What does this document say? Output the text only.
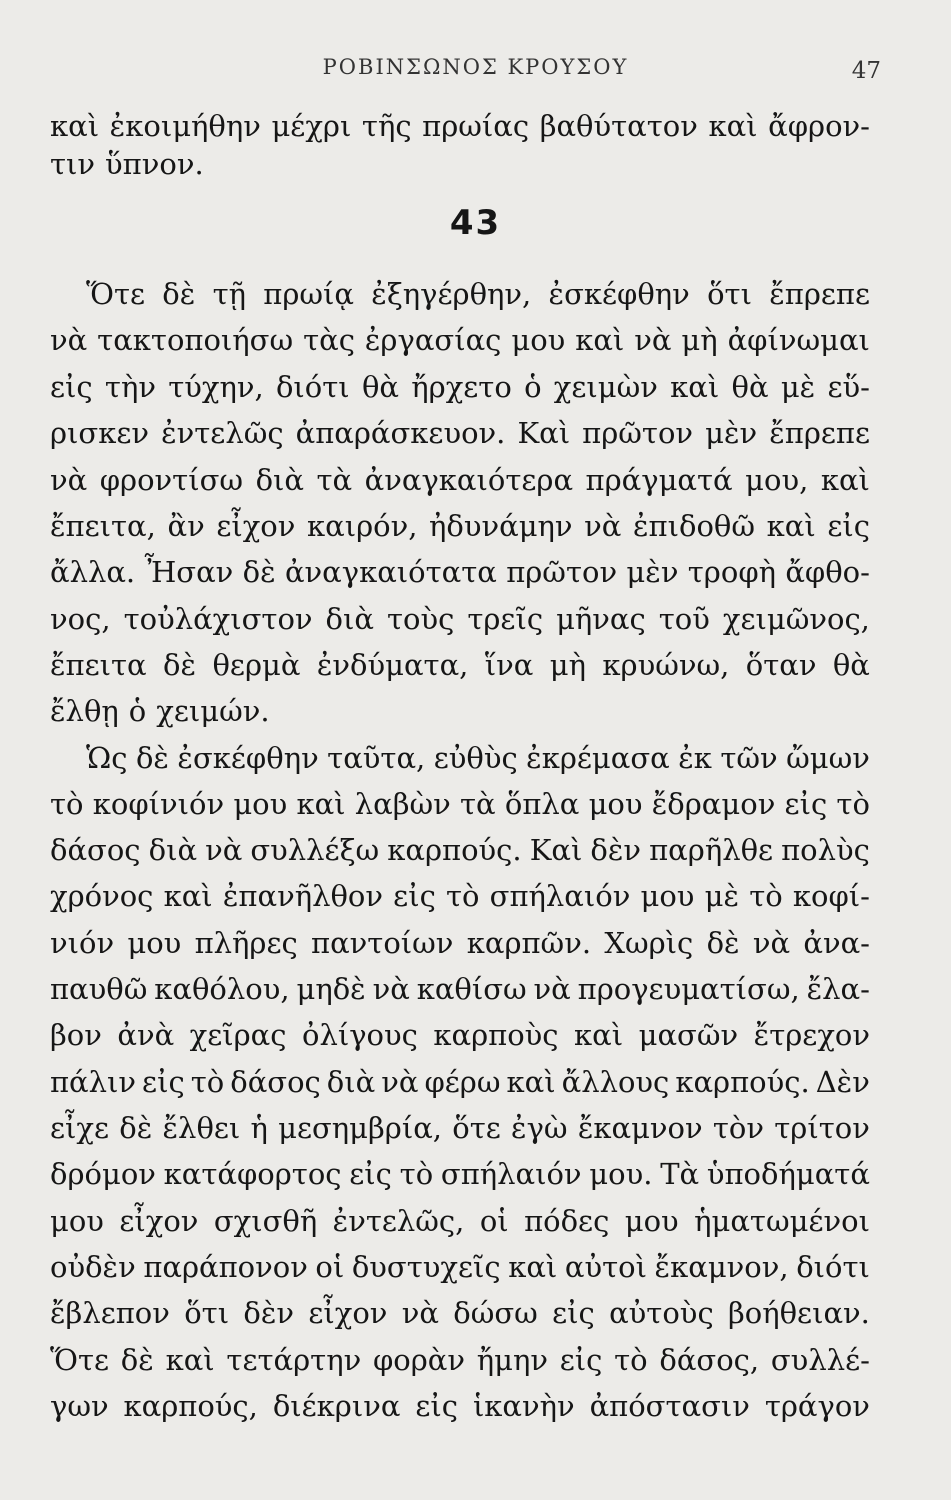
ΡΟΒΙΝΣΩΝΟΣ ΚΡΟΥΣΟΥ	47
43
καὶ ἐκοιμήθην μέχρι τῆς πρωίας βαθύτατον καὶ ἄφρον-
τιν ὕπνον.
Ὅτε δὲ τῇ πρωίᾳ ἐξηγέρθην, ἐσκέφθην ὅτι ἔπρεπε
νὰ τακτοποιήσω τὰς ἐργασίας μου καὶ νὰ μὴ ἀφίνωμαι
εἰς τὴν τύχην, διότι θὰ ἤρχετο ὁ χειμὼν καὶ θὰ μὲ εὕ-
ρισκεν ἐντελῶς ἀπαράσκευον. Καὶ πρῶτον μὲν ἔπρεπε
νὰ φροντίσω διὰ τὰ ἀναγκαιότερα πράγματά μου, καὶ
ἔπειτα, ἂν εἶχον καιρόν, ἠδυνάμην νὰ ἐπιδοθῶ καὶ εἰς
ἄλλα. Ἦσαν δὲ ἀναγκαιότατα πρῶτον μὲν τροφὴ ἄφθο-
νος, τοὐλάχιστον διὰ τοὺς τρεῖς μῆνας τοῦ χειμῶνος,
ἔπειτα δὲ θερμὰ ἐνδύματα, ἵνα μὴ κρυώνω, ὅταν θὰ
ἔλθῃ ὁ χειμών.
Ὡς δὲ ἐσκέφθην ταῦτα, εὐθὺς ἐκρέμασα ἐκ τῶν ὤμων
τὸ κοφίνιόν μου καὶ λαβὼν τὰ ὅπλα μου ἔδραμον εἰς τὸ
δάσος διὰ νὰ συλλέξω καρπούς. Καὶ δὲν παρῆλθε πολὺς
χρόνος καὶ ἐπανῆλθον εἰς τὸ σπήλαιόν μου μὲ τὸ κοφί-
νιόν μου πλῆρες παντοίων καρπῶν. Χωρὶς δὲ νὰ ἀνα-
παυθῶ καθόλου, μηδὲ νὰ καθίσω νὰ προγευματίσω, ἔλα-
βον ἀνὰ χεῖρας ὀλίγους καρποὺς καὶ μασῶν ἔτρεχον
πάλιν εἰς τὸ δάσος διὰ νὰ φέρω καὶ ἄλλους καρπούς. Δὲν
εἶχε δὲ ἔλθει ἡ μεσημβρία, ὅτε ἐγὼ ἔκαμνον τὸν τρίτον
δρόμον κατάφορτος εἰς τὸ σπήλαιόν μου. Τὰ ὑποδήματά
μου εἶχον σχισθῆ ἐντελῶς, οἱ πόδες μου ἡματωμένοι
οὐδὲν παράπονον οἱ δυστυχεῖς καὶ αὐτοὶ ἔκαμνον, διότι
ἔβλεπον ὅτι δὲν εἶχον νὰ δώσω εἰς αὐτοὺς βοήθειαν.
Ὅτε δὲ καὶ τετάρτην φορὰν ἤμην εἰς τὸ δάσος, συλλέ-
γων καρπούς, διέκρινα εἰς ἱκανὴν ἀπόστασιν τράγον
